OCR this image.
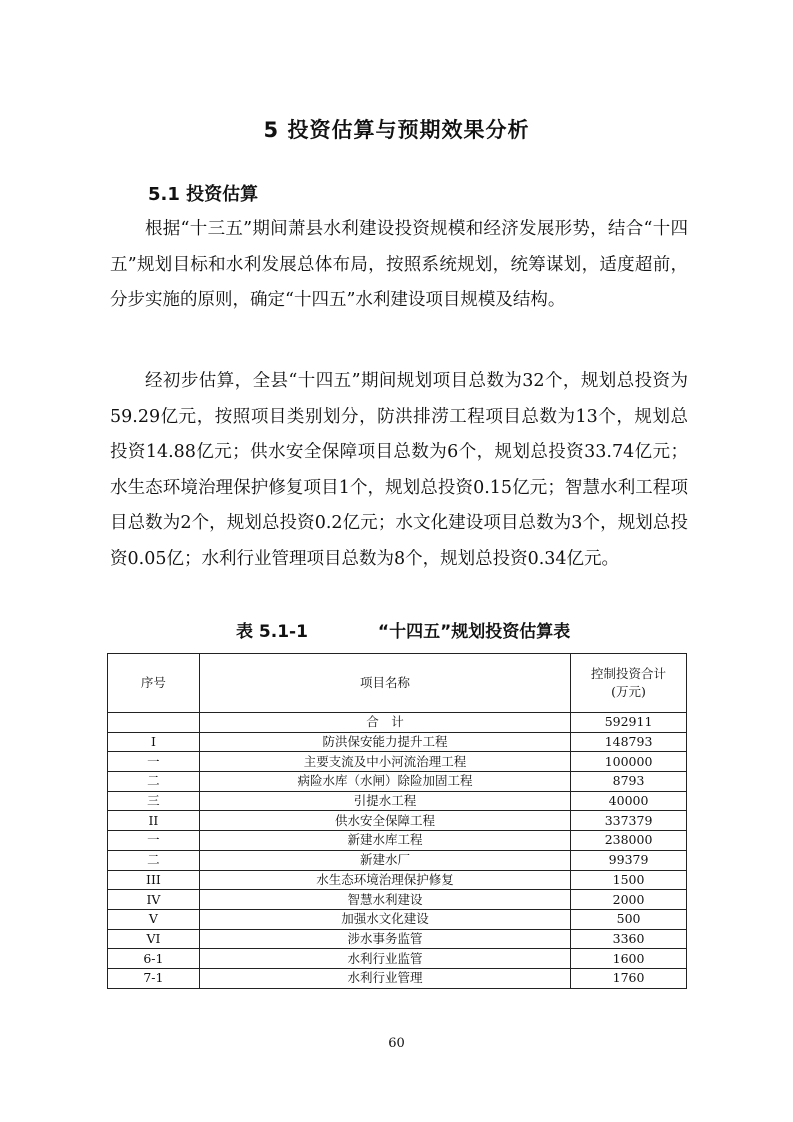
5 投资估算与预期效果分析
5.1 投资估算

根据“十三五”期间萧县水利建设投资规模和经济发展形势，结合“十四五”规划目标和水利发展总体布局，按照系统规划，统筹谋划，适度超前，分步实施的原则，确定“十四五”水利建设项目规模及结构。

经初步估算，全县“十四五”期间规划项目总数为32个，规划总投资为59.29亿元，按照项目类别划分，防洪排涝工程项目总数为13个，规划总投资14.88亿元；供水安全保障项目总数为6个，规划总投资33.74亿元；水生态环境治理保护修复项目1个，规划总投资0.15亿元；智慧水利工程项目总数为2个，规划总投资0.2亿元；水文化建设项目总数为3个，规划总投资0.05亿；水利行业管理项目总数为8个，规划总投资0.34亿元。

表 5.1-1	“十四五”规划投资估算表
序号	项目名称	控制投资合计
(万元)

	合　计	592911
I	防洪保安能力提升工程	148793
一	主要支流及中小河流治理工程	100000
二	病险水库（水闸）除险加固工程	8793
三	引提水工程	40000
II	供水安全保障工程	337379
一	新建水库工程	238000
二	新建水厂	99379
III	水生态环境治理保护修复	1500
IV	智慧水利建设	2000
V	加强水文化建设	500
VI	涉水事务监管	3360
6-1	水利行业监管	1600
7-1	水利行业管理	1760
60
